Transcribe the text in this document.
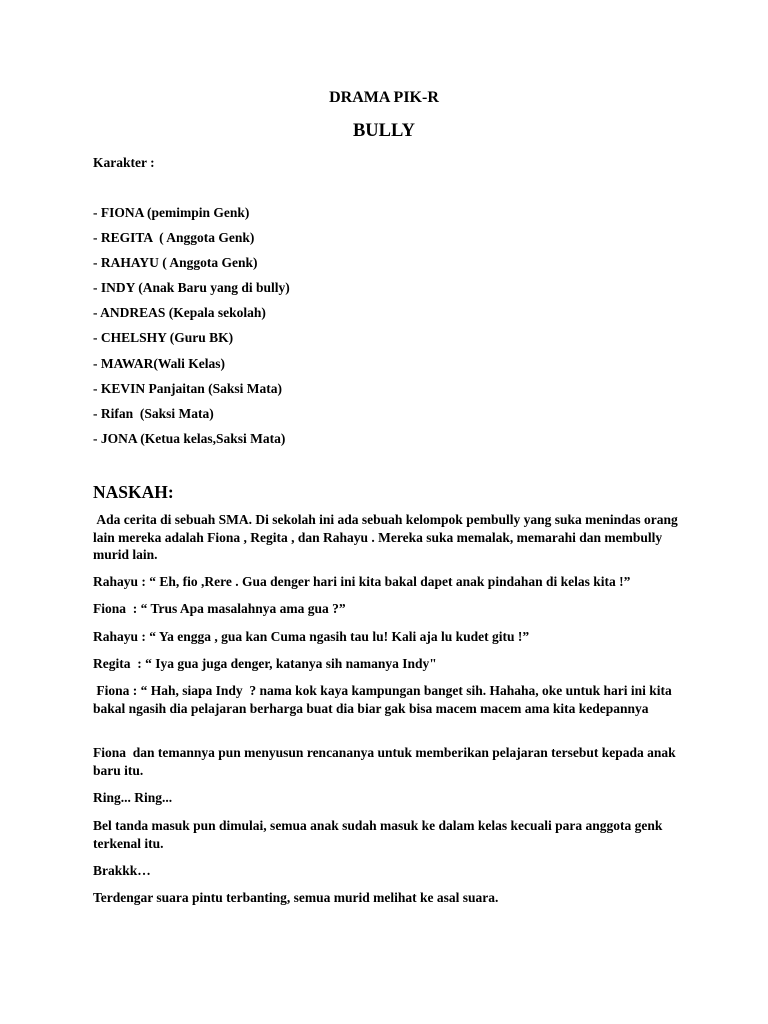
DRAMA PIK-R
BULLY
Karakter :
- FIONA (pemimpin Genk)
- REGITA  ( Anggota Genk)
- RAHAYU ( Anggota Genk)
- INDY (Anak Baru yang di bully)
- ANDREAS (Kepala sekolah)
- CHELSHY (Guru BK)
- MAWAR(Wali Kelas)
- KEVIN Panjaitan (Saksi Mata)
- Rifan  (Saksi Mata)
- JONA (Ketua kelas,Saksi Mata)
NASKAH:
Ada cerita di sebuah SMA. Di sekolah ini ada sebuah kelompok pembully yang suka menindas orang lain mereka adalah Fiona , Regita , dan Rahayu . Mereka suka memalak, memarahi dan membully murid lain.
Rahayu : “ Eh, fio ,Rere . Gua denger hari ini kita bakal dapet anak pindahan di kelas kita !”
Fiona  : “ Trus Apa masalahnya ama gua ?”
Rahayu : “ Ya engga , gua kan Cuma ngasih tau lu! Kali aja lu kudet gitu !”
Regita  : “ Iya gua juga denger, katanya sih namanya Indy"
Fiona : “ Hah, siapa Indy  ? nama kok kaya kampungan banget sih. Hahaha, oke untuk hari ini kita bakal ngasih dia pelajaran berharga buat dia biar gak bisa macem macem ama kita kedepannya
Fiona  dan temannya pun menyusun rencananya untuk memberikan pelajaran tersebut kepada anak baru itu.
Ring... Ring...
Bel tanda masuk pun dimulai, semua anak sudah masuk ke dalam kelas kecuali para anggota genk terkenal itu.
Brakkk…
Terdengar suara pintu terbanting, semua murid melihat ke asal suara.
